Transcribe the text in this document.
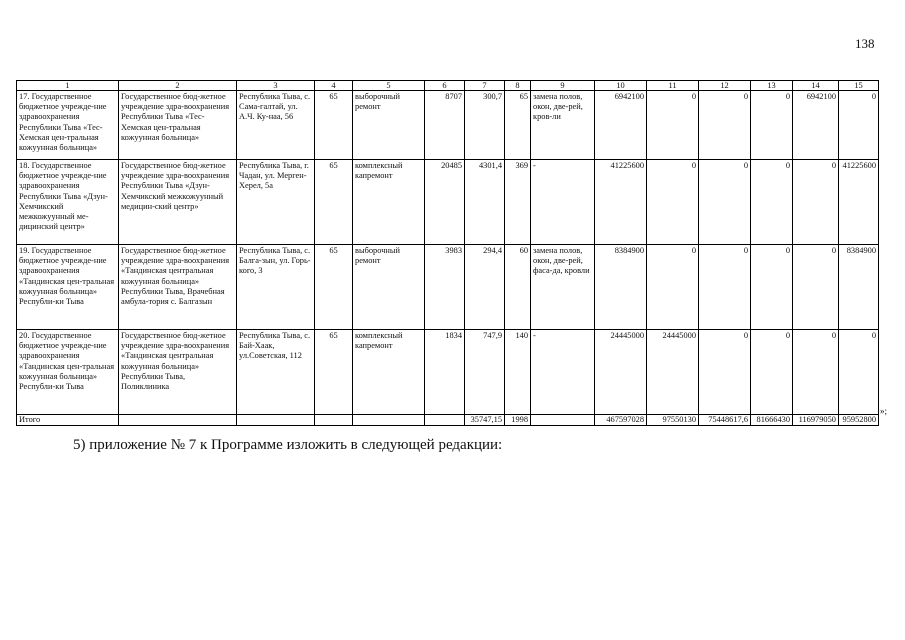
138
1	2	3	4	5	6	7	8	9	10	11	12	13	14	15
17. Государственное бюджетное учрежде-ние здравоохранения Республики Тыва «Тес-Хемская цен-тральная кожуунная больница»	Государственное бюд-жетное учреждение здра-воохранения Республики Тыва «Тес-Хемская цен-тральная кожуунная больница»	Республика Тыва, с. Сама-галтай, ул. А.Ч. Ку-наа, 56	65	выборочный ремонт	8707	300,7	65	замена полов, окон, две-рей, кров-ли	6942100	0	0	0	6942100	0
18. Государственное бюджетное учрежде-ние здравоохранения Республики Тыва «Дзун-Хемчикский межкожуунный ме-дицинский центр»	Государственное бюд-жетное учреждение здра-воохранения Республики Тыва «Дзун-Хемчикский межкожуунный медицин-ский центр»	Республика Тыва, г. Чадан, ул. Мерген-Херел, 5а	65	комплексный капремонт	20485	4301,4	369	-	41225600	0	0	0	0	41225600
19. Государственное бюджетное учрежде-ние здравоохранения «Тандинская цен-тральная кожуунная больница» Республи-ки Тыва	Государственное бюд-жетное учреждение здра-воохранения «Тандинская центральная кожуунная больница» Республики Тыва, Врачебная амбула-тория с. Балгазын	Республика Тыва, с. Балга-зын, ул. Горь-кого, 3	65	выборочный ремонт	3983	294,4	60	замена полов, окон, две-рей, фаса-да, кровли	8384900	0	0	0	0	8384900
20. Государственное бюджетное учрежде-ние здравоохранения «Тандинская цен-тральная кожуунная больница» Республи-ки Тыва	Государственное бюд-жетное учреждение здра-воохранения «Тандинская центральная кожуунная больница» Республики Тыва, Поликлиника	Республика Тыва, с. Бай-Хаак, ул.Советская, 112	65	комплексный капремонт	1834	747,9	140	-	24445000	24445000	0	0	0	0
Итого						35747,15	1998		467597028	97550130	75448617,6	81666430	116979050	95952800
»;
5) приложение № 7 к Программе изложить в следующей редакции:
